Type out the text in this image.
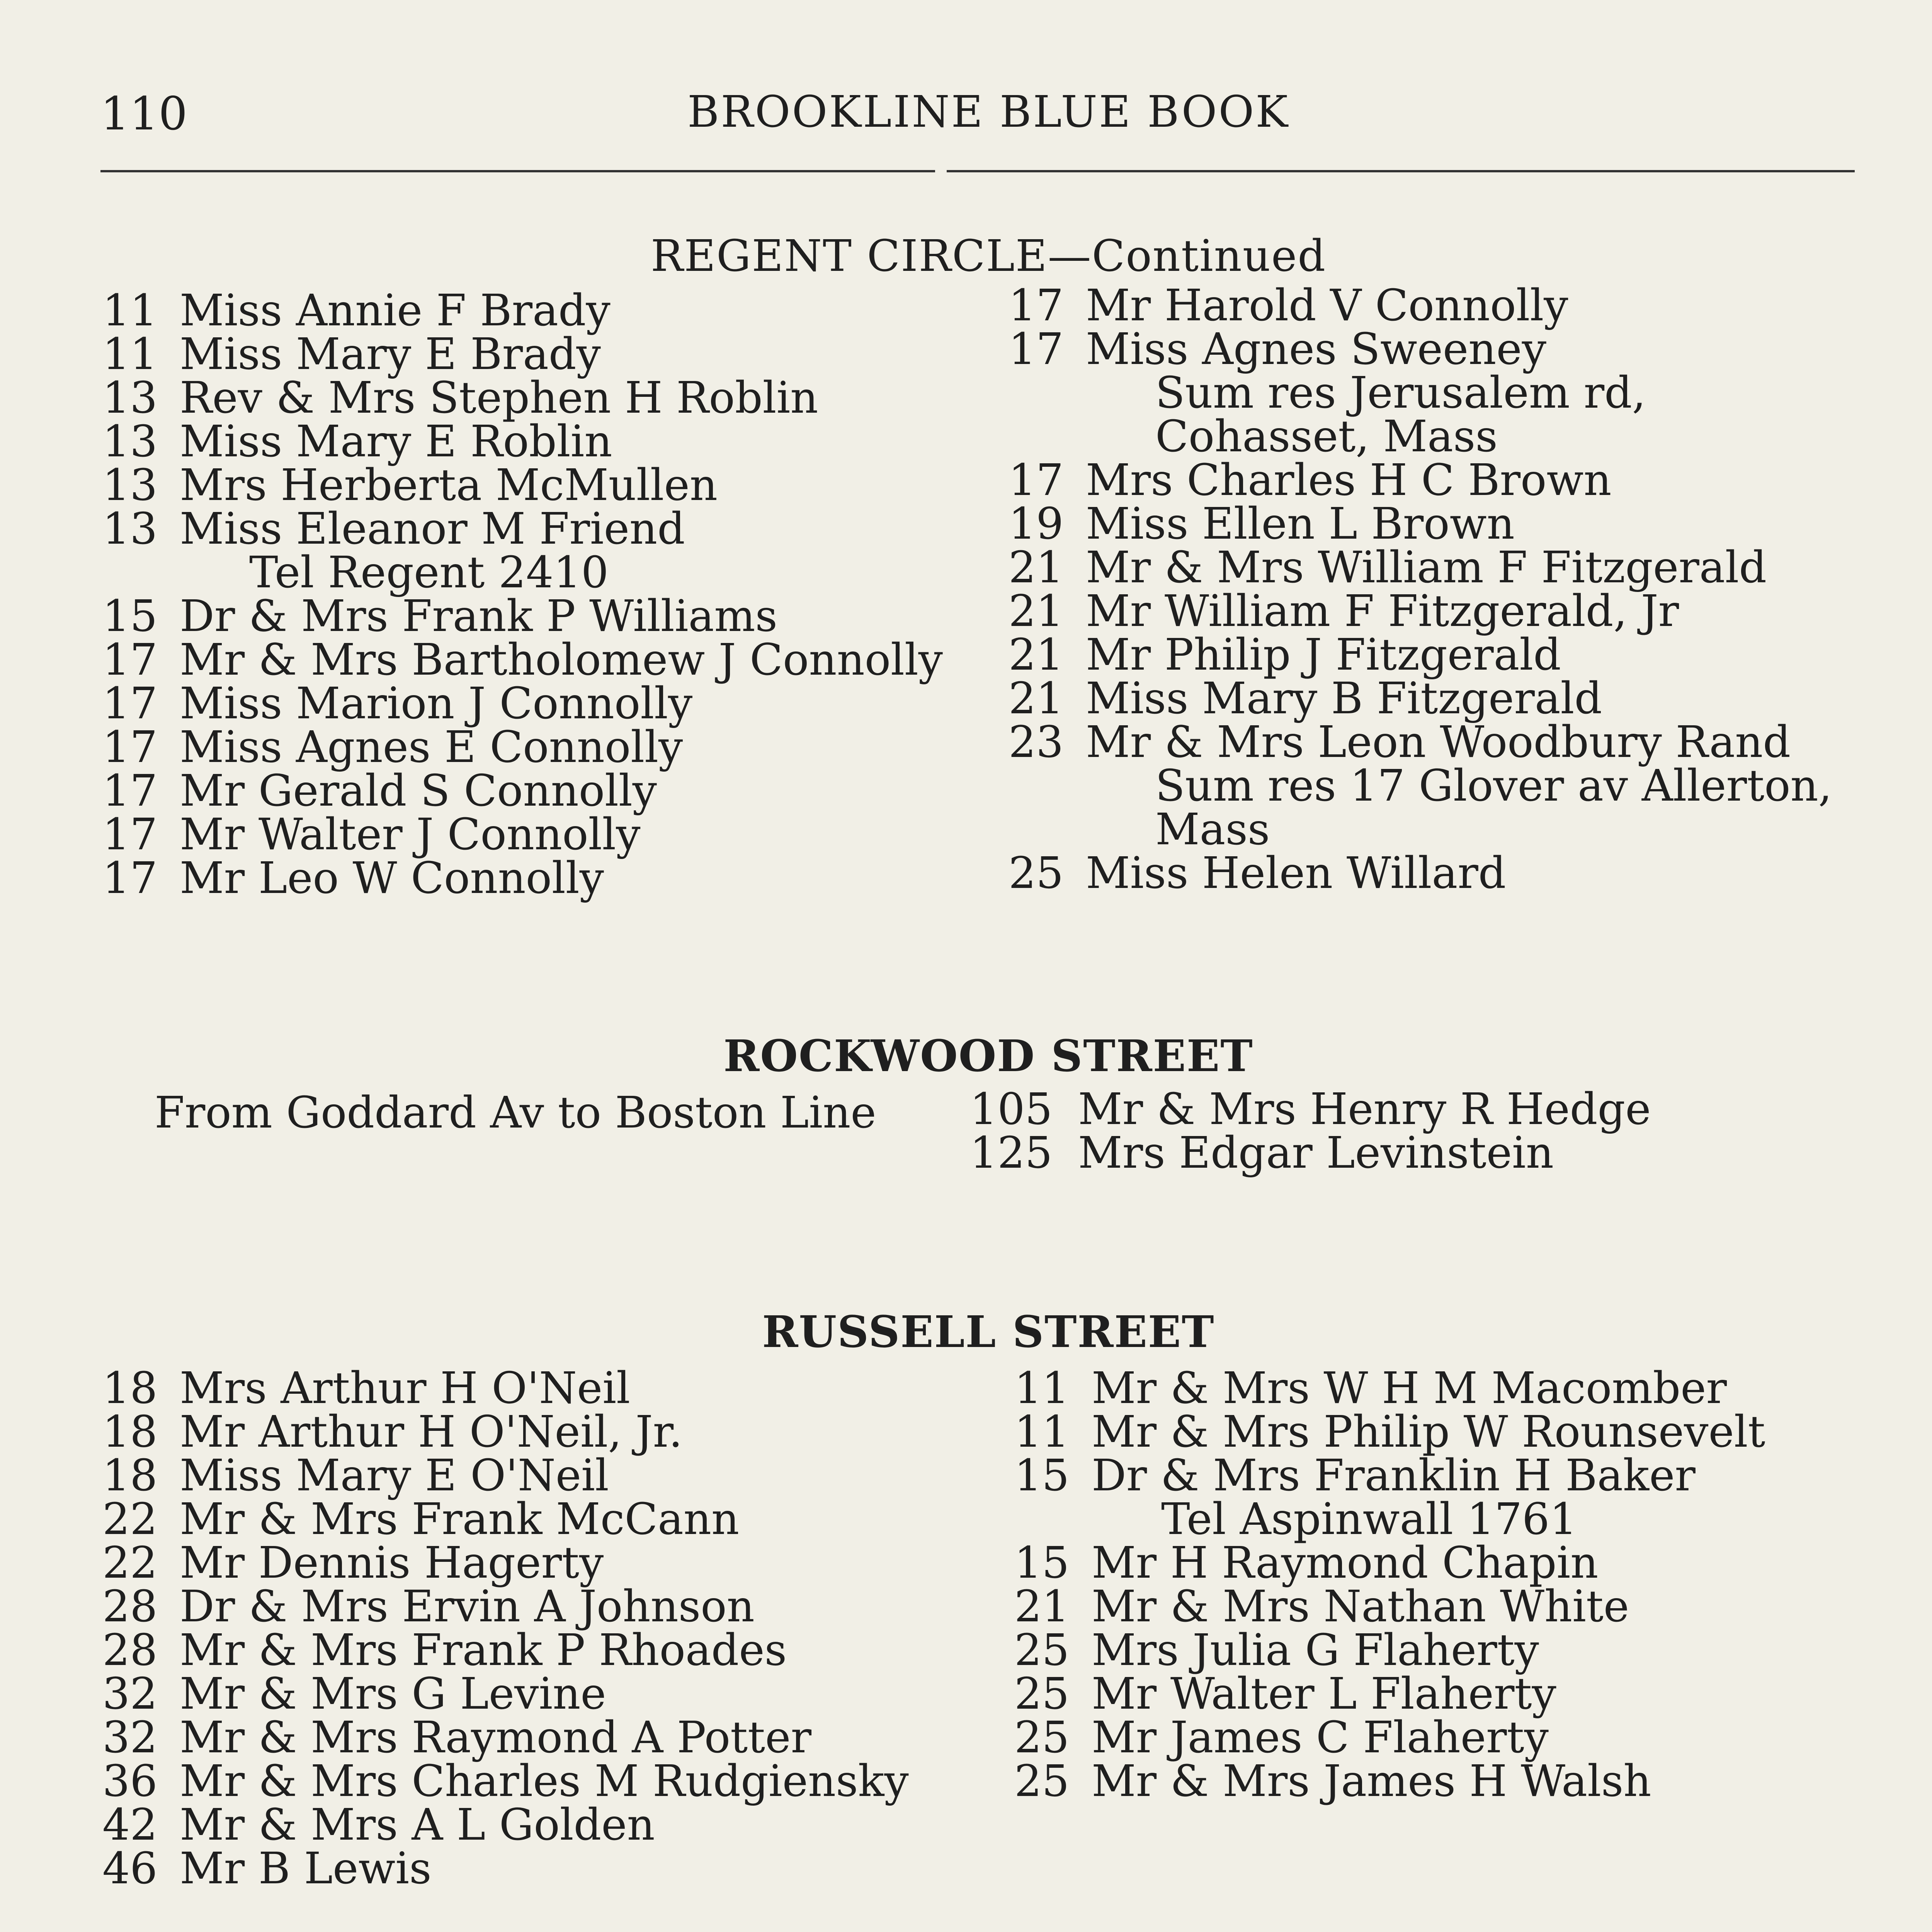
110	BROOKLINE BLUE BOOK
REGENT CIRCLE—Continued
11 Miss Annie F Brady
11 Miss Mary E Brady
13 Rev & Mrs Stephen H Roblin
13 Miss Mary E Roblin
13 Mrs Herberta McMullen
13 Miss Eleanor M Friend
Tel Regent 2410
15 Dr & Mrs Frank P Williams
17 Mr & Mrs Bartholomew J Connolly
17 Miss Marion J Connolly
17 Miss Agnes E Connolly
17 Mr Gerald S Connolly
17 Mr Walter J Connolly
17 Mr Leo W Connolly
17 Mr Harold V Connolly
17 Miss Agnes Sweeney
Sum res Jerusalem rd,
Cohasset, Mass
17 Mrs Charles H C Brown
19 Miss Ellen L Brown
21 Mr & Mrs William F Fitzgerald
21 Mr William F Fitzgerald, Jr
21 Mr Philip J Fitzgerald
21 Miss Mary B Fitzgerald
23 Mr & Mrs Leon Woodbury Rand
Sum res 17 Glover av Allerton,
Mass
25 Miss Helen Willard
ROCKWOOD STREET
From Goddard Av to Boston Line 105 Mr & Mrs Henry R Hedge
125 Mrs Edgar Levinstein
RUSSELL STREET
18 Mrs Arthur H O'Neil
18 Mr Arthur H O'Neil, Jr.
18 Miss Mary E O'Neil
22 Mr & Mrs Frank McCann
22 Mr Dennis Hagerty
28 Dr & Mrs Ervin A Johnson
28 Mr & Mrs Frank P Rhoades
32 Mr & Mrs G Levine
32 Mr & Mrs Raymond A Potter
36 Mr & Mrs Charles M Rudgiensky
42 Mr & Mrs A L Golden
46 Mr B Lewis
11 Mr & Mrs W H M Macomber
11 Mr & Mrs Philip W Rounsevelt
15 Dr & Mrs Franklin H Baker
Tel Aspinwall 1761
15 Mr H Raymond Chapin
21 Mr & Mrs Nathan White
25 Mrs Julia G Flaherty
25 Mr Walter L Flaherty
25 Mr James C Flaherty
25 Mr & Mrs James H Walsh
